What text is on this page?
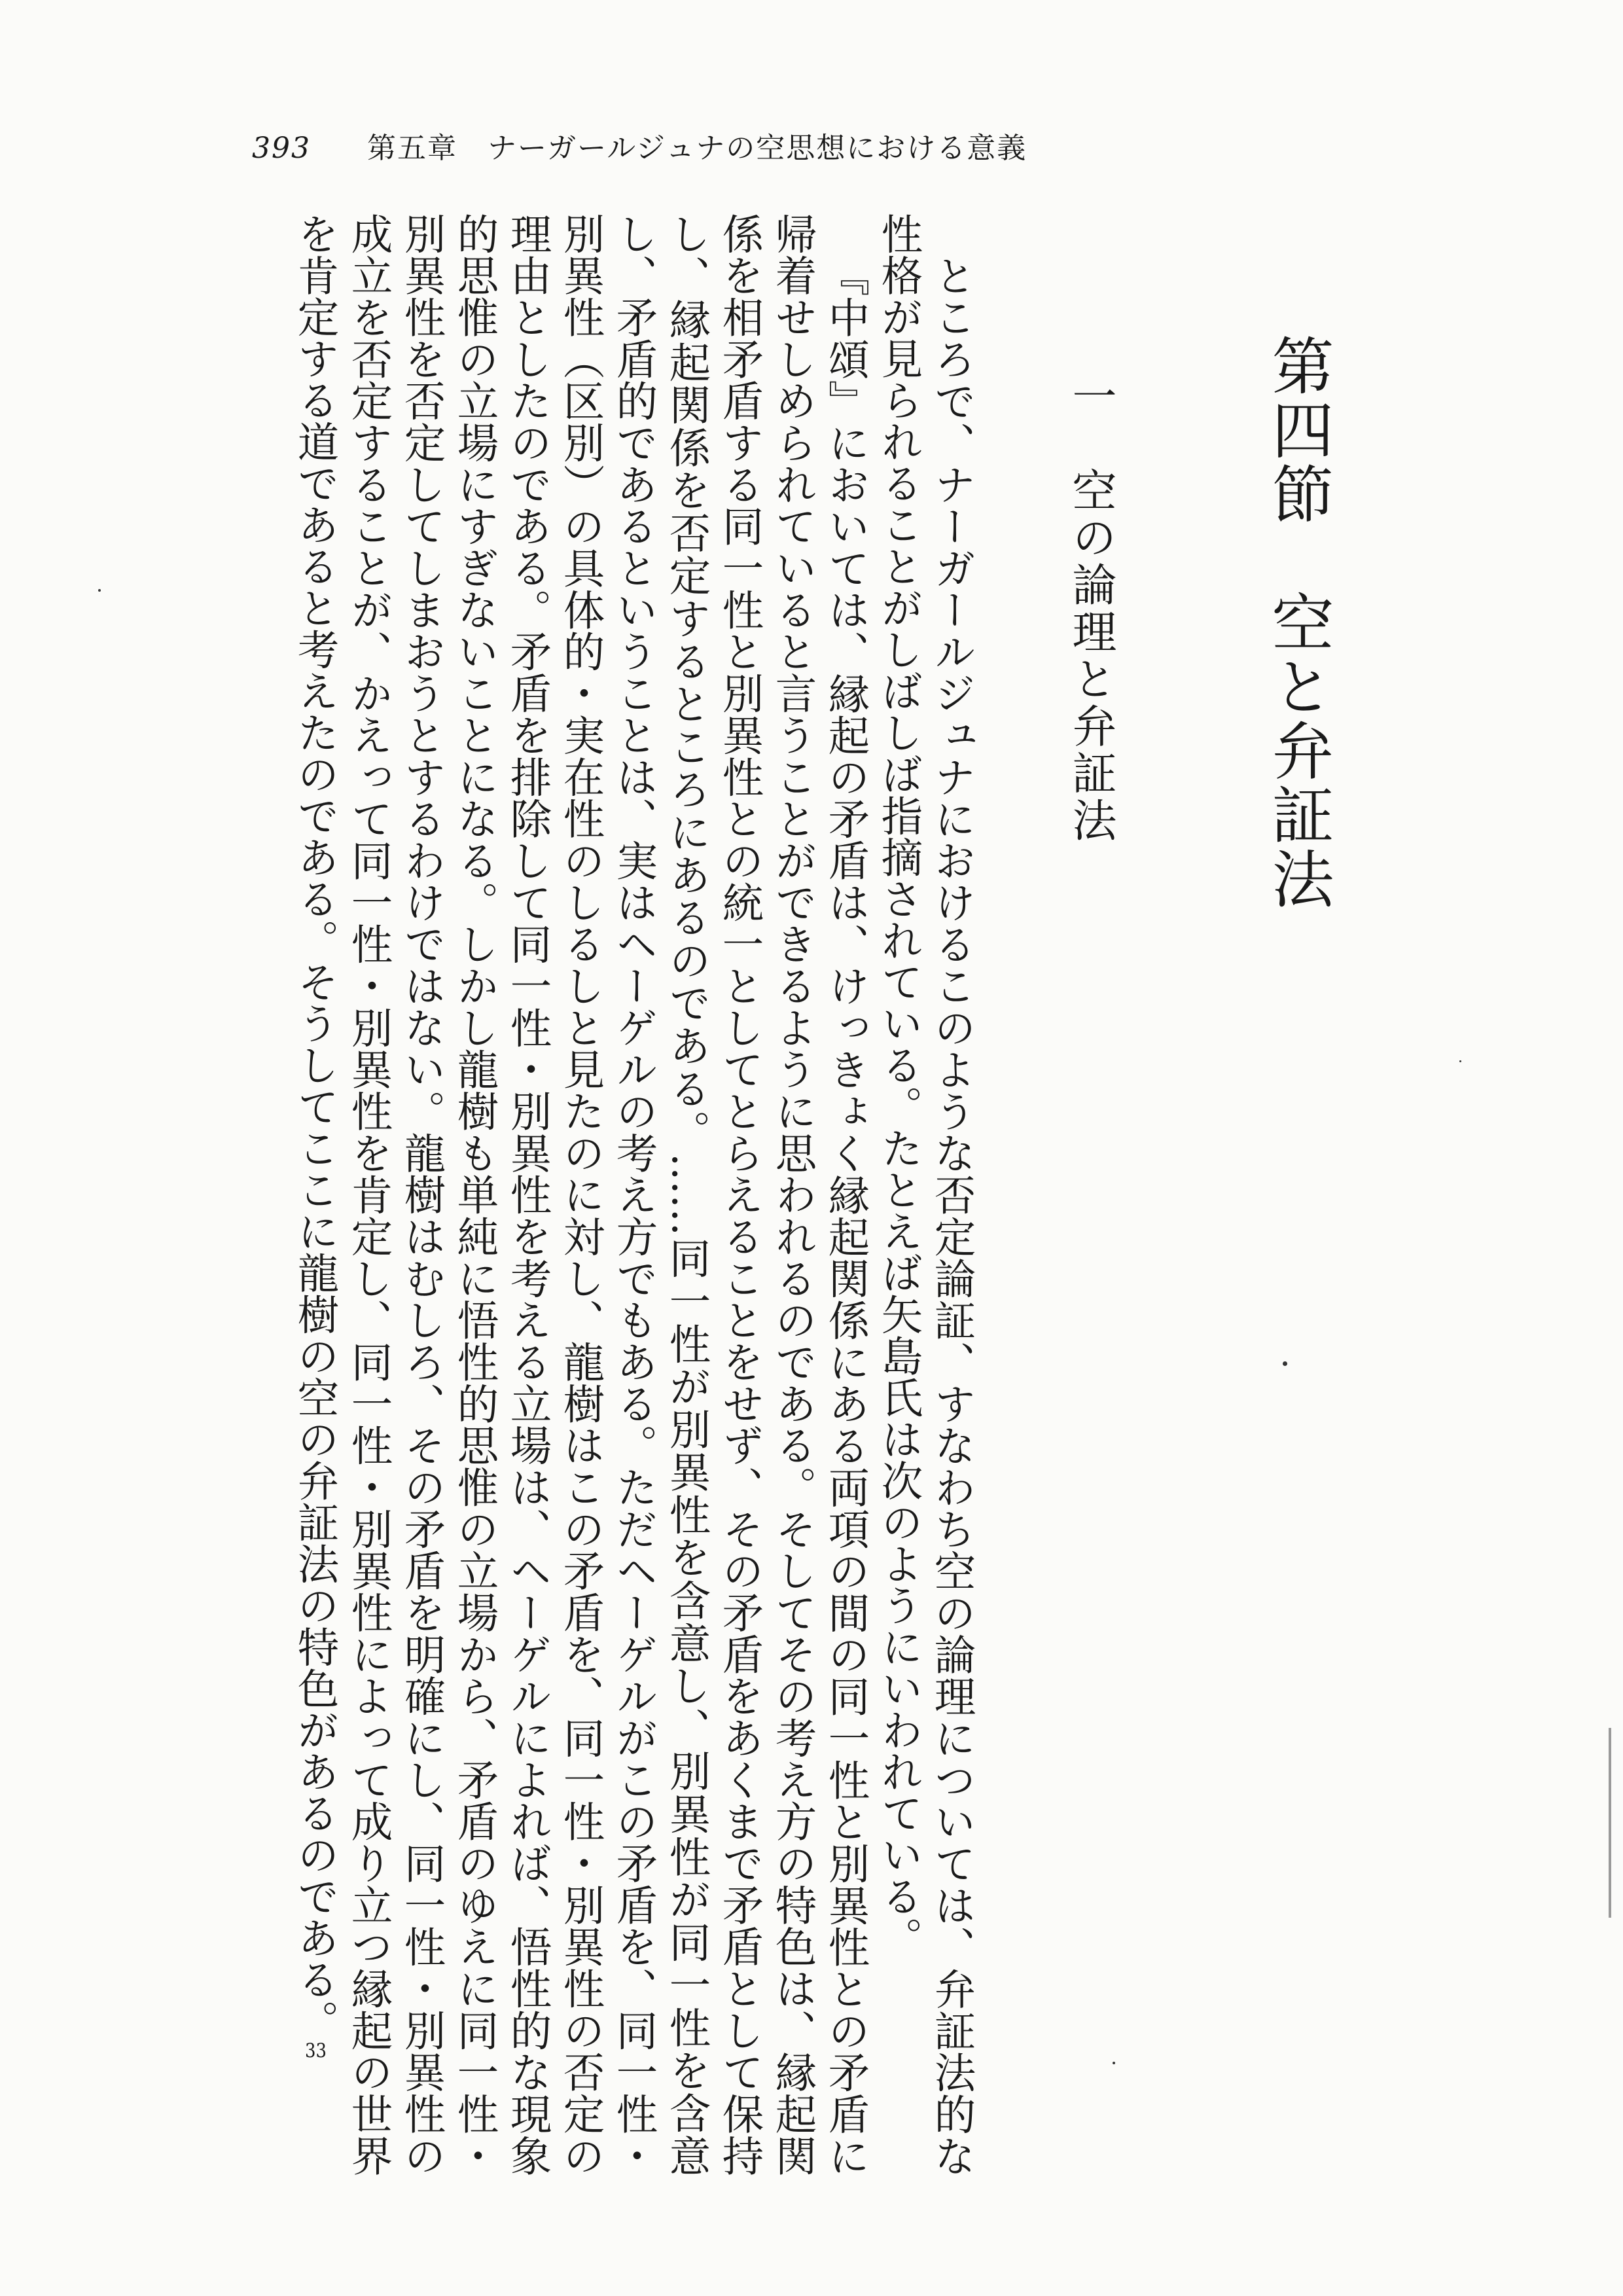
393 第五章　ナーガールジュナの空思想における意義
第四節　空と弁証法
一　空の論理と弁証法

ところで、ナーガールジュナにおけるこのような否定論証、すなわち空の論理については、弁証法的な性格が見られることがしばしば指摘されている。たとえば矢島氏は次のようにいわれている。

『中頌』においては、縁起の矛盾は、けっきょく縁起関係にある両項の間の同一性と別異性との矛盾に帰着せしめられていると言うことができるように思われるのである。そしてその考え方の特色は、縁起関係を相矛盾する同一性と別異性との統一としてとらえることをせず、その矛盾をあくまで矛盾として保持し、縁起関係を否定するところにあるのである。……同一性が別異性を含意し、別異性が同一性を含意し、矛盾的であるということは、実はヘーゲルの考え方でもある。ただヘーゲルがこの矛盾を、同一性・別異性（区別）の具体的・実在性のしるしと見たのに対し、龍樹はこの矛盾を、同一性・別異性の否定の理由としたのである。矛盾を排除して同一性・別異性を考える立場は、ヘーゲルによれば、悟性的な現象的思惟の立場にすぎないことになる。しかし龍樹も単純に悟性的思惟の立場から、矛盾のゆえに同一性・別異性を否定してしまおうとするわけではない。龍樹はむしろ、その矛盾を明確にし、同一性・別異性の成立を否定することが、かえって同一性・別異性を肯定し、同一性・別異性によって成り立つ縁起の世界を肯定する道であると考えたのである。そうしてここに龍樹の空の弁証法の特色があるのである。33
